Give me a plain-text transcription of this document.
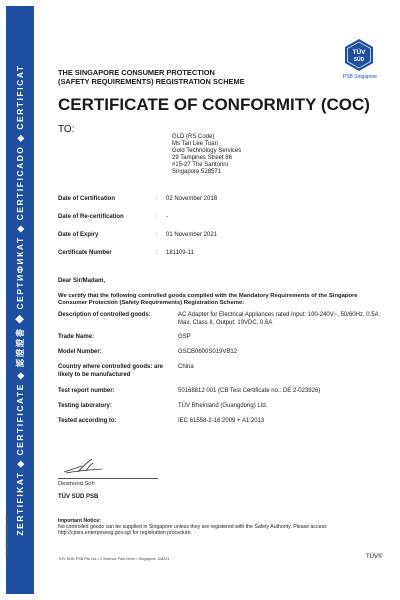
ZERTIFIKAT ◆ CERTIFICATE ◆ 認證證書 ◆ СЕРТИФИКАТ ◆ CERTIFICADO ◆ CERTIFICAT
TÜV SÜD PSB 03/14 EN
TÜV
SÜD
PSB Singapore
THE SINGAPORE CONSUMER PROTECTION
(SAFETY REQUIREMENTS) REGISTRATION SCHEME
CERTIFICATE OF CONFORMITY (COC)
TO:
GLD (RS Code)
Ms Tan Lee Tuan
Gold Technology Services
29 Tampines Street 86
#15-27 The Santorini
Singapore 528571
Date of Certification	: 02 November 2018
Date of Re-certification	: -
Date of Expiry	: 01 November 2021
Certificate Number	: 181109-11
Dear Sir/Madam,
We certify that the following controlled goods complied with the Mandatory Requirements of the Singapore Consumer Protection (Safety Requirements) Registration Scheme:
Description of controlled goods:	AC Adapter for Electrical Appliances rated Input: 100-240V~, 50/60Hz, 0.5A Max, Class II, Output: 19VDC, 0.6A
Trade Name:	GSP
Model Number:	GSCB0600S019VB12
Country where controlled goods: are likely to be manufactured
China
Test report number:	50168812 001 (CB Test Certificate no.: DE 2-023926)
Testing laboratory:	TÜV Rheinland (Guangdong) Ltd.
Tested according to:	IEC 61558-2-16:2009 + A1:2013
Desmond Soh
TÜV SÜD PSB
Important Notice:
No controlled goods can be supplied in Singapore unless they are registered with the Safety Authority. Please access http://cpsrs.enterprisesg.gov.sg/ for registration procedure.
TÜV SÜD PSB Pte Ltd • 1 Science Park Drive • Singapore 118221	TÜV®
